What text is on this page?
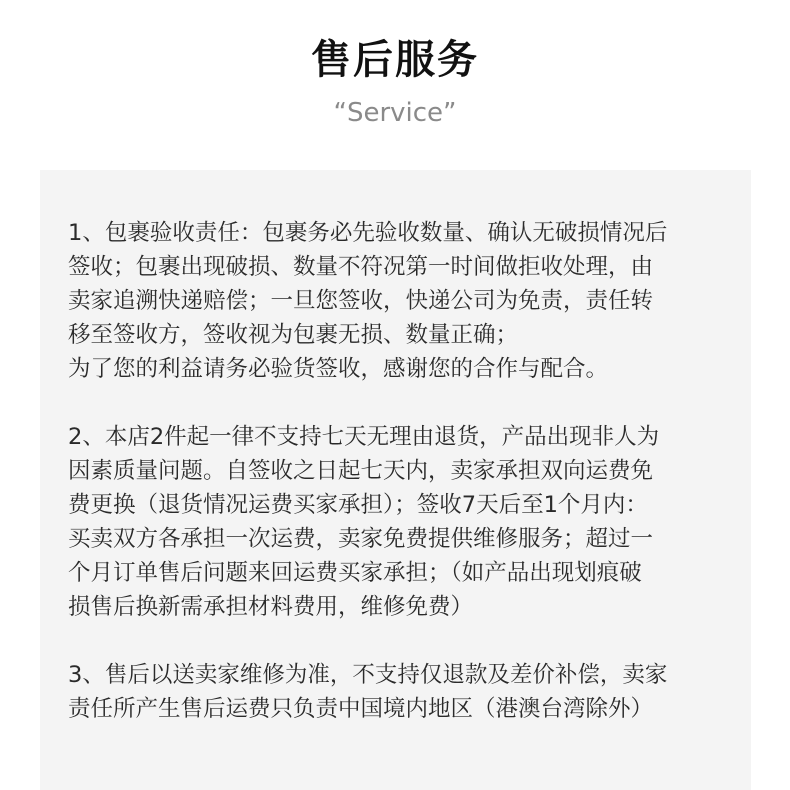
售后服务
“Service”
1、包裹验收责任：包裹务必先验收数量、确认无破损情况后
签收；包裹出现破损、数量不符况第一时间做拒收处理，由
卖家追溯快递赔偿；一旦您签收，快递公司为免责，责任转
移至签收方，签收视为包裹无损、数量正确；
为了您的利益请务必验货签收，感谢您的合作与配合。
2、本店2件起一律不支持七天无理由退货，产品出现非人为
因素质量问题。自签收之日起七天内，卖家承担双向运费免
费更换（退货情况运费买家承担）；签收7天后至1个月内：
买卖双方各承担一次运费，卖家免费提供维修服务；超过一
个月订单售后问题来回运费买家承担；（如产品出现划痕破
损售后换新需承担材料费用，维修免费）
3、售后以送卖家维修为准，不支持仅退款及差价补偿，卖家
责任所产生售后运费只负责中国境内地区（港澳台湾除外）
